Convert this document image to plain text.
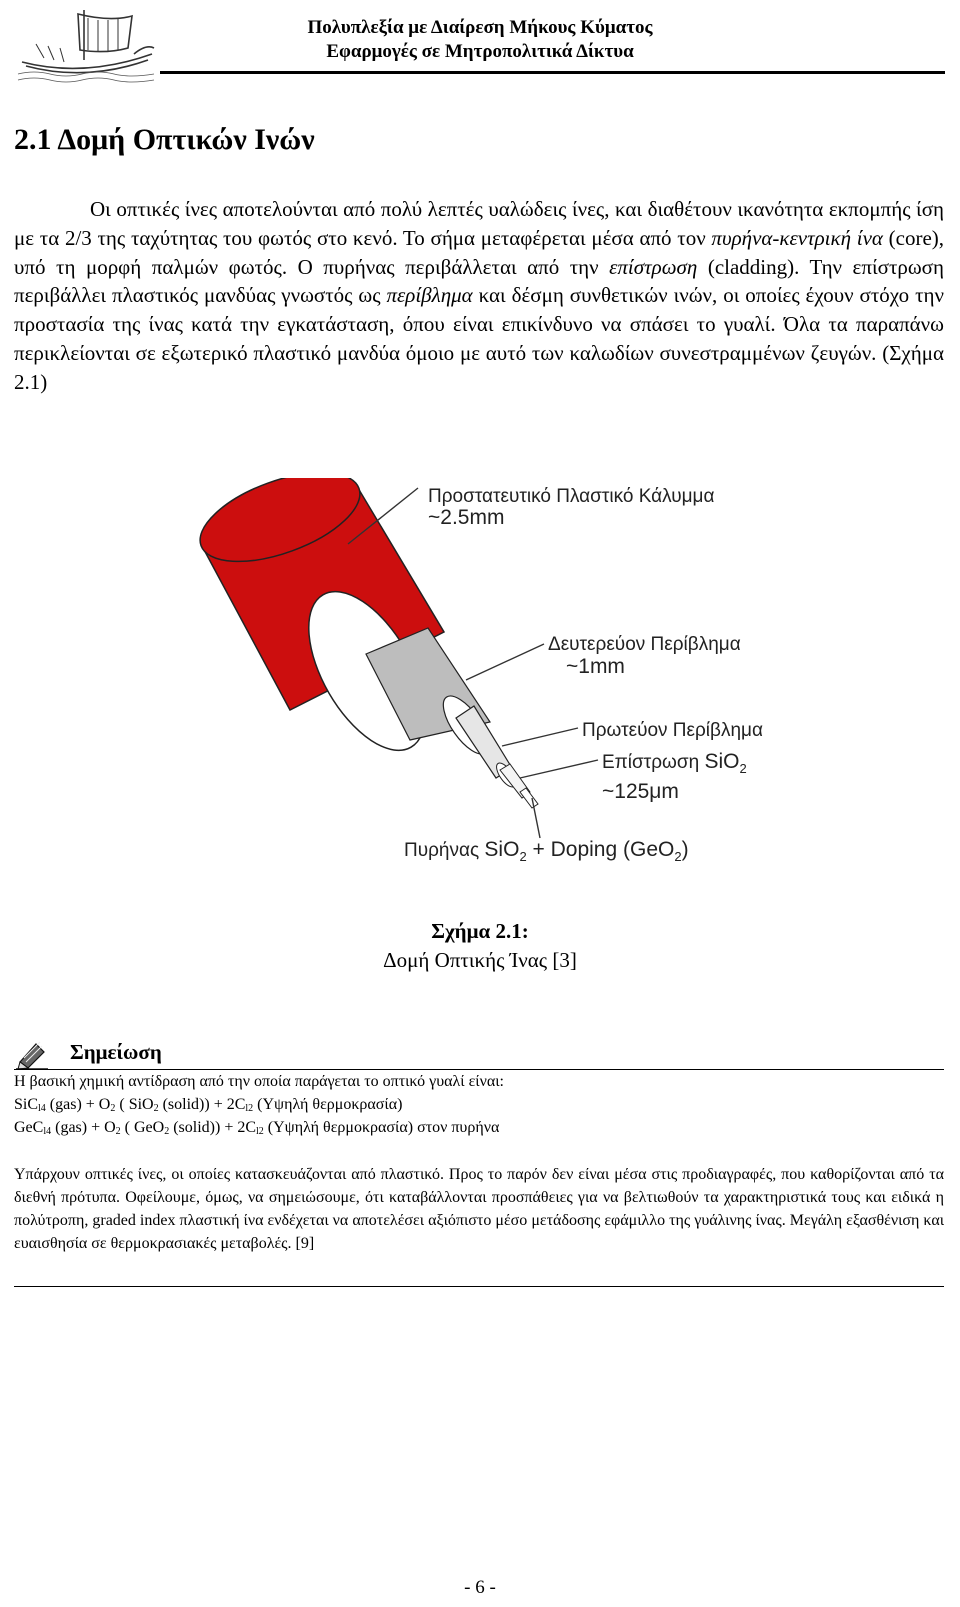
Πολυπλεξία με Διαίρεση Μήκους Κύματος
Εφαρμογές σε Μητροπολιτικά Δίκτυα
2.1 Δομή Οπτικών Ινών
Οι οπτικές ίνες αποτελούνται από πολύ λεπτές υαλώδεις ίνες, και διαθέτουν ικανότητα εκπομπής ίση με τα 2/3 της ταχύτητας του φωτός στο κενό. Το σήμα μεταφέρεται μέσα από τον πυρήνα-κεντρική ίνα (core), υπό τη μορφή παλμών φωτός. Ο πυρήνας περιβάλλεται από την επίστρωση (cladding). Την επίστρωση περιβάλλει πλαστικός μανδύας γνωστός ως περίβλημα και δέσμη συνθετικών ινών, οι οποίες έχουν στόχο την προστασία της ίνας κατά την εγκατάσταση, όπου είναι επικίνδυνο να σπάσει το γυαλί. Όλα τα παραπάνω περικλείονται σε εξωτερικό πλαστικό μανδύα όμοιο με αυτό των καλωδίων συνεστραμμένων ζευγών. (Σχήμα 2.1)
Προστατευτικό Πλαστικό Κάλυμμα
~2.5mm
Δευτερεύον Περίβλημα
~1mm
Πρωτεύον Περίβλημα
Επίστρωση SiO$_2$
~125μm
Πυρήνας SiO$_2$ + Doping (GeO$_2$)
Σχήμα 2.1:
Δομή Οπτικής Ίνας [3]
Σημείωση
Η βασική χημική αντίδραση από την οποία παράγεται το οπτικό γυαλί είναι:
SiC$_{l4}$ $(gas) + O_2$ ( SiO$_2$ (solid)) + $2C_{l2}$ (Υψηλή θερμοκρασία)
GeC$_{l4}$ $(gas) + O_2$ ( GeO$_2$ (solid)) + $2C_{l2}$ (Υψηλή θερμοκρασία) στον πυρήνα
Υπάρχουν οπτικές ίνες, οι οποίες κατασκευάζονται από πλαστικό. Προς το παρόν δεν είναι μέσα στις προδιαγραφές, που καθορίζονται από τα διεθνή πρότυπα. Οφείλουμε, όμως, να σημειώσουμε, ότι καταβάλλονται προσπάθειες για να βελτιωθούν τα χαρακτηριστικά τους και ειδικά η πολύτροπη, graded index πλαστική ίνα ενδέχεται να αποτελέσει αξιόπιστο μέσο μετάδοσης εφάμιλλο της γυάλινης ίνας. Μεγάλη εξασθένιση και ευαισθησία σε θερμοκρασιακές μεταβολές. [9]
- 6 -
